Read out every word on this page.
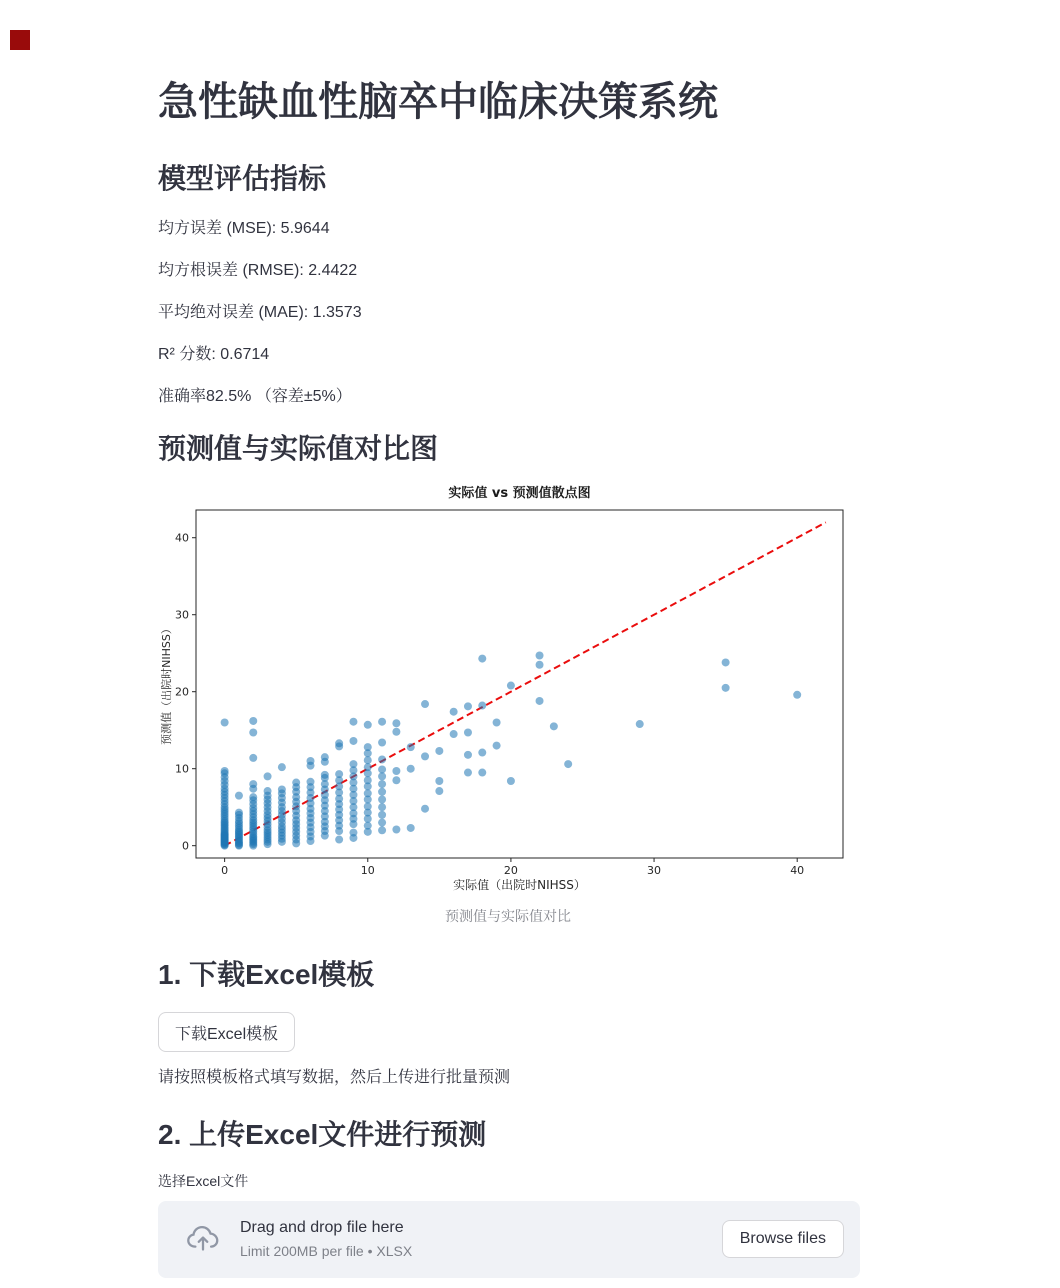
急性缺血性脑卒中临床决策系统
模型评估指标

均方误差 (MSE): 5.9644

均方根误差 (RMSE): 2.4422

平均绝对误差 (MAE): 1.3573

R² 分数: 0.6714

准确率82.5% （容差±5%）

预测值与实际值对比图
0	10	20	30	40
0
10
20
30
40
实际值 vs 预测值散点图
实际值（出院时NIHSS）
预测值（出院时NIHSS）
预测值与实际值对比
1. 下载Excel模板
下载Excel模板

请按照模板格式填写数据，然后上传进行批量预测

2. 上传Excel文件进行预测
选择Excel文件
Drag and drop file here
Limit 200MB per file • XLSX
Browse files
